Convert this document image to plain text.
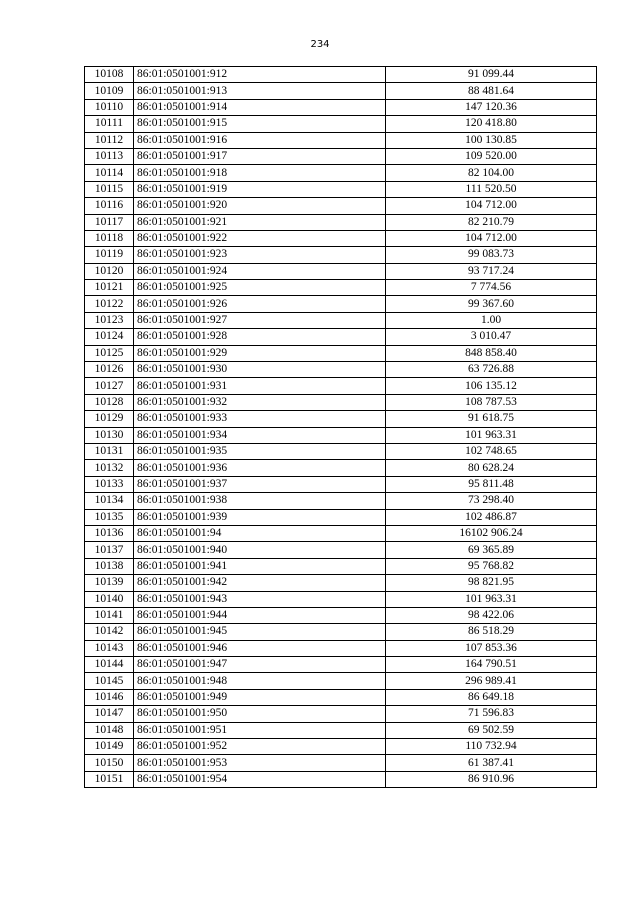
234
10108	86:01:0501001:912	91 099.44
10109	86:01:0501001:913	88 481.64
10110	86:01:0501001:914	147 120.36
10111	86:01:0501001:915	120 418.80
10112	86:01:0501001:916	100 130.85
10113	86:01:0501001:917	109 520.00
10114	86:01:0501001:918	82 104.00
10115	86:01:0501001:919	111 520.50
10116	86:01:0501001:920	104 712.00
10117	86:01:0501001:921	82 210.79
10118	86:01:0501001:922	104 712.00
10119	86:01:0501001:923	99 083.73
10120	86:01:0501001:924	93 717.24
10121	86:01:0501001:925	7 774.56
10122	86:01:0501001:926	99 367.60
10123	86:01:0501001:927	1.00
10124	86:01:0501001:928	3 010.47
10125	86:01:0501001:929	848 858.40
10126	86:01:0501001:930	63 726.88
10127	86:01:0501001:931	106 135.12
10128	86:01:0501001:932	108 787.53
10129	86:01:0501001:933	91 618.75
10130	86:01:0501001:934	101 963.31
10131	86:01:0501001:935	102 748.65
10132	86:01:0501001:936	80 628.24
10133	86:01:0501001:937	95 811.48
10134	86:01:0501001:938	73 298.40
10135	86:01:0501001:939	102 486.87
10136	86:01:0501001:94	16102 906.24
10137	86:01:0501001:940	69 365.89
10138	86:01:0501001:941	95 768.82
10139	86:01:0501001:942	98 821.95
10140	86:01:0501001:943	101 963.31
10141	86:01:0501001:944	98 422.06
10142	86:01:0501001:945	86 518.29
10143	86:01:0501001:946	107 853.36
10144	86:01:0501001:947	164 790.51
10145	86:01:0501001:948	296 989.41
10146	86:01:0501001:949	86 649.18
10147	86:01:0501001:950	71 596.83
10148	86:01:0501001:951	69 502.59
10149	86:01:0501001:952	110 732.94
10150	86:01:0501001:953	61 387.41
10151	86:01:0501001:954	86 910.96
